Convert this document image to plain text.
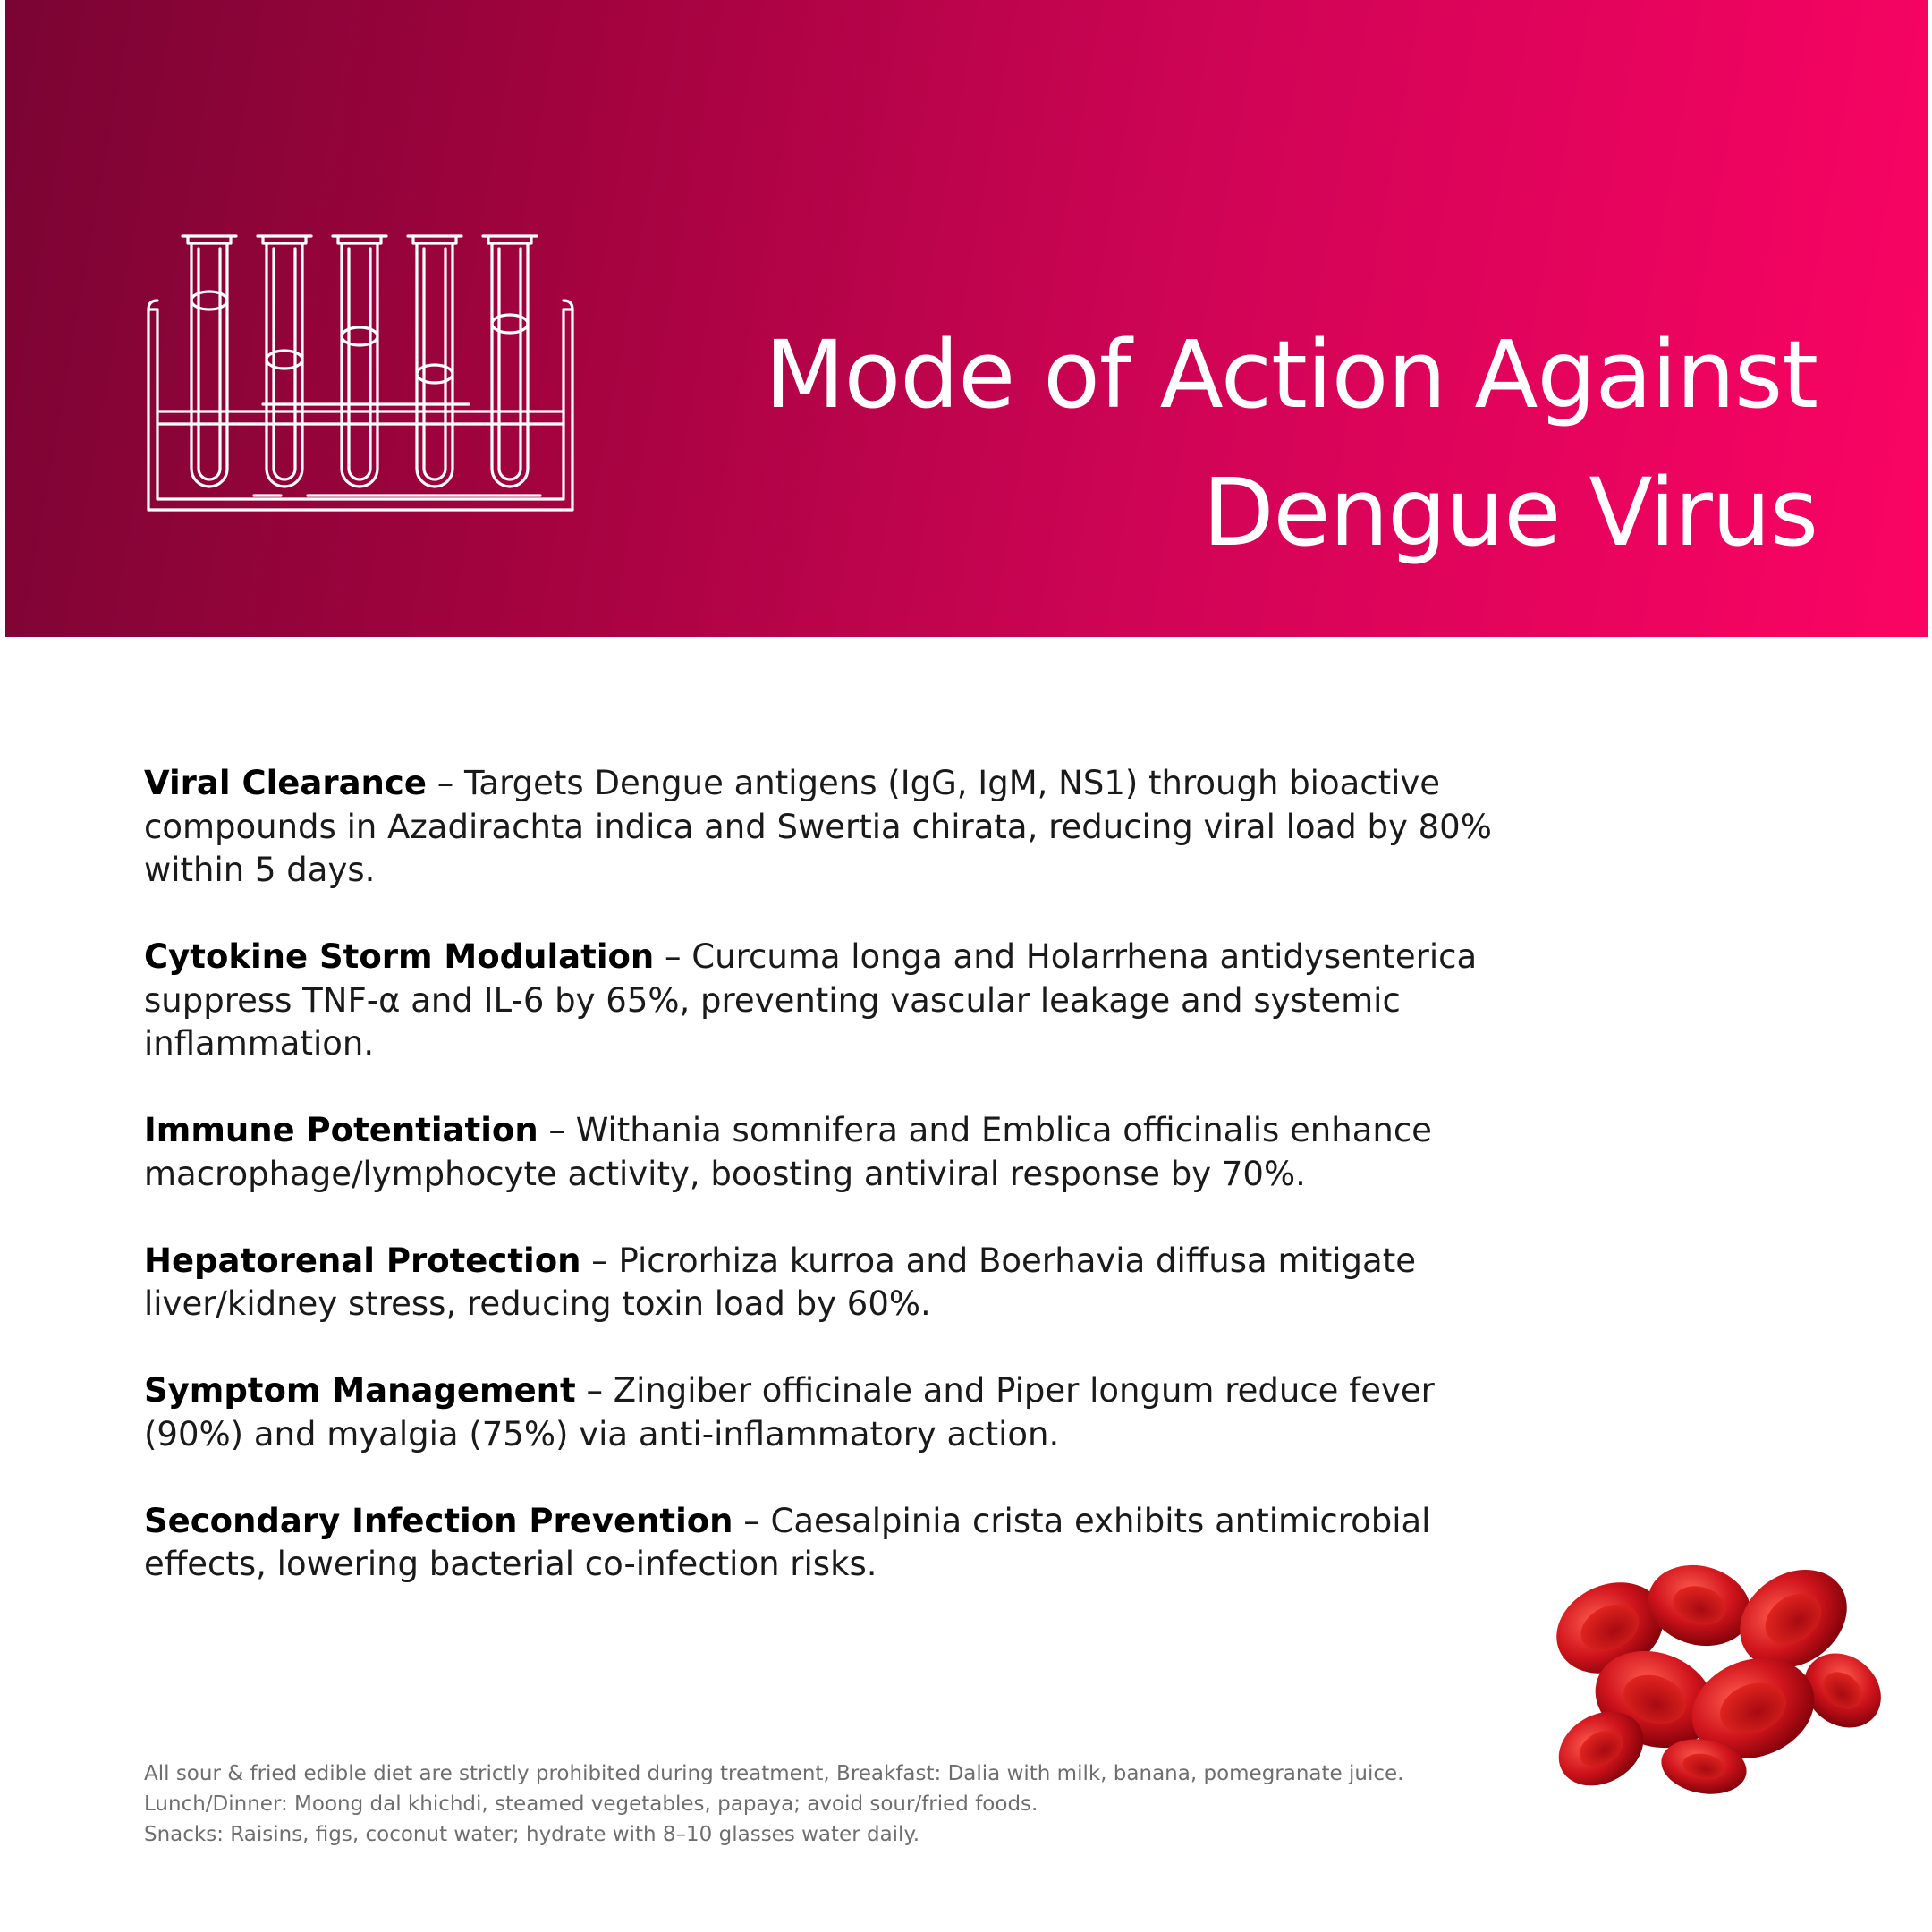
Mode of Action Against
Dengue Virus

Viral Clearance – Targets Dengue antigens (IgG, IgM, NS1) through bioactive compounds in Azadirachta indica and Swertia chirata, reducing viral load by 80% within 5 days.

Cytokine Storm Modulation – Curcuma longa and Holarrhena antidysenterica suppress TNF-α and IL-6 by 65%, preventing vascular leakage and systemic inflammation.

Immune Potentiation – Withania somnifera and Emblica officinalis enhance macrophage/lymphocyte activity, boosting antiviral response by 70%.

Hepatorenal Protection – Picrorhiza kurroa and Boerhavia diffusa mitigate liver/kidney stress, reducing toxin load by 60%.

Symptom Management – Zingiber officinale and Piper longum reduce fever (90%) and myalgia (75%) via anti-inflammatory action.

Secondary Infection Prevention – Caesalpinia crista exhibits antimicrobial effects, lowering bacterial co-infection risks.

All sour & fried edible diet are strictly prohibited during treatment, Breakfast: Dalia with milk, banana, pomegranate juice. Lunch/Dinner: Moong dal khichdi, steamed vegetables, papaya; avoid sour/fried foods.
Snacks: Raisins, figs, coconut water; hydrate with 8–10 glasses water daily.
